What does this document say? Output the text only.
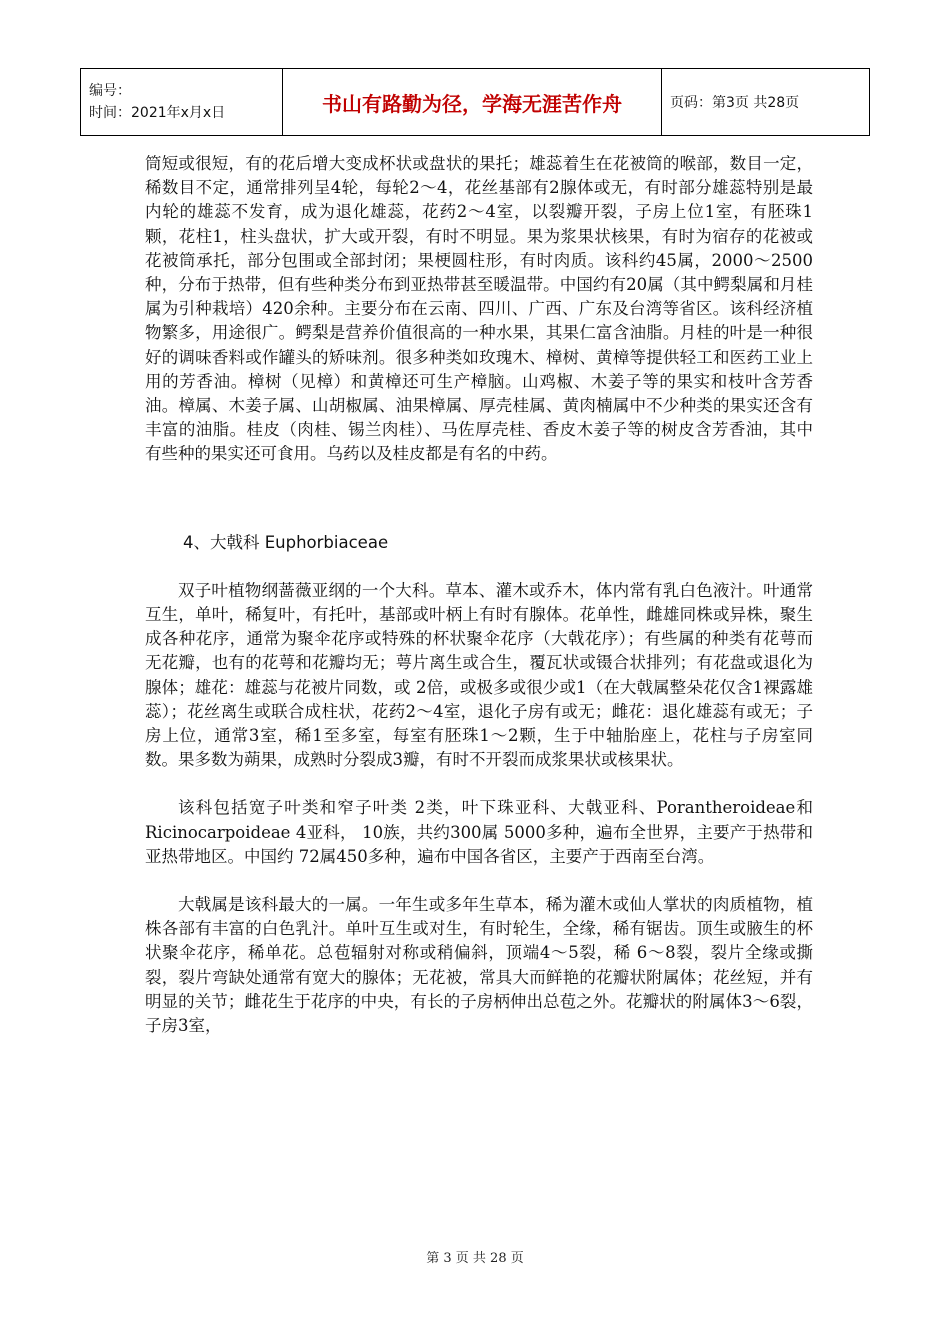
编号：
时间：2021年x月x日	书山有路勤为径，学海无涯苦作舟	页码：第3页 共28页

筒短或很短，有的花后增大变成杯状或盘状的果托；雄蕊着生在花被筒的喉部，数目一定，稀数目不定，通常排列呈4轮，每轮2～4，花丝基部有2腺体或无，有时部分雄蕊特别是最内轮的雄蕊不发育，成为退化雄蕊，花药2～4室，以裂瓣开裂，子房上位1室，有胚珠1颗，花柱1，柱头盘状，扩大或开裂，有时不明显。果为浆果状核果，有时为宿存的花被或花被筒承托，部分包围或全部封闭；果梗圆柱形，有时肉质。该科约45属，2000～2500种，分布于热带，但有些种类分布到亚热带甚至暖温带。中国约有20属（其中鳄梨属和月桂属为引种栽培）420余种。主要分布在云南、四川、广西、广东及台湾等省区。该科经济植物繁多，用途很广。鳄梨是营养价值很高的一种水果，其果仁富含油脂。月桂的叶是一种很好的调味香料或作罐头的矫味剂。很多种类如玫瑰木、樟树、黄樟等提供轻工和医药工业上用的芳香油。樟树（见樟）和黄樟还可生产樟脑。山鸡椒、木姜子等的果实和枝叶含芳香油。樟属、木姜子属、山胡椒属、油果樟属、厚壳桂属、黄肉楠属中不少种类的果实还含有丰富的油脂。桂皮（肉桂、锡兰肉桂）、马佐厚壳桂、香皮木姜子等的树皮含芳香油，其中有些种的果实还可食用。乌药以及桂皮都是有名的中药。

4、大戟科 Euphorbiaceae

双子叶植物纲蔷薇亚纲的一个大科。草本、灌木或乔木，体内常有乳白色液汁。叶通常互生，单叶，稀复叶，有托叶，基部或叶柄上有时有腺体。花单性，雌雄同株或异株，聚生成各种花序，通常为聚伞花序或特殊的杯状聚伞花序（大戟花序）；有些属的种类有花萼而无花瓣，也有的花萼和花瓣均无；萼片离生或合生，覆瓦状或镊合状排列；有花盘或退化为腺体；雄花：雄蕊与花被片同数，或 2倍，或极多或很少或1（在大戟属整朵花仅含1裸露雄蕊）；花丝离生或联合成柱状，花药2～4室，退化子房有或无；雌花：退化雄蕊有或无；子房上位，通常3室，稀1至多室，每室有胚珠1～2颗，生于中轴胎座上，花柱与子房室同数。果多数为蒴果，成熟时分裂成3瓣，有时不开裂而成浆果状或核果状。

该科包括宽子叶类和窄子叶类 2类，叶下珠亚科、大戟亚科、Porantheroideae和Ricinocarpoideae 4亚科， 10族，共约300属 5000多种，遍布全世界，主要产于热带和亚热带地区。中国约 72属450多种，遍布中国各省区，主要产于西南至台湾。

大戟属是该科最大的一属。一年生或多年生草本，稀为灌木或仙人掌状的肉质植物，植株各部有丰富的白色乳汁。单叶互生或对生，有时轮生，全缘，稀有锯齿。顶生或腋生的杯状聚伞花序，稀单花。总苞辐射对称或稍偏斜，顶端4～5裂，稀 6～8裂，裂片全缘或撕裂，裂片弯缺处通常有宽大的腺体；无花被，常具大而鲜艳的花瓣状附属体；花丝短，并有明显的关节；雌花生于花序的中央，有长的子房柄伸出总苞之外。花瓣状的附属体3～6裂，子房3室，

第 3 页 共 28 页
